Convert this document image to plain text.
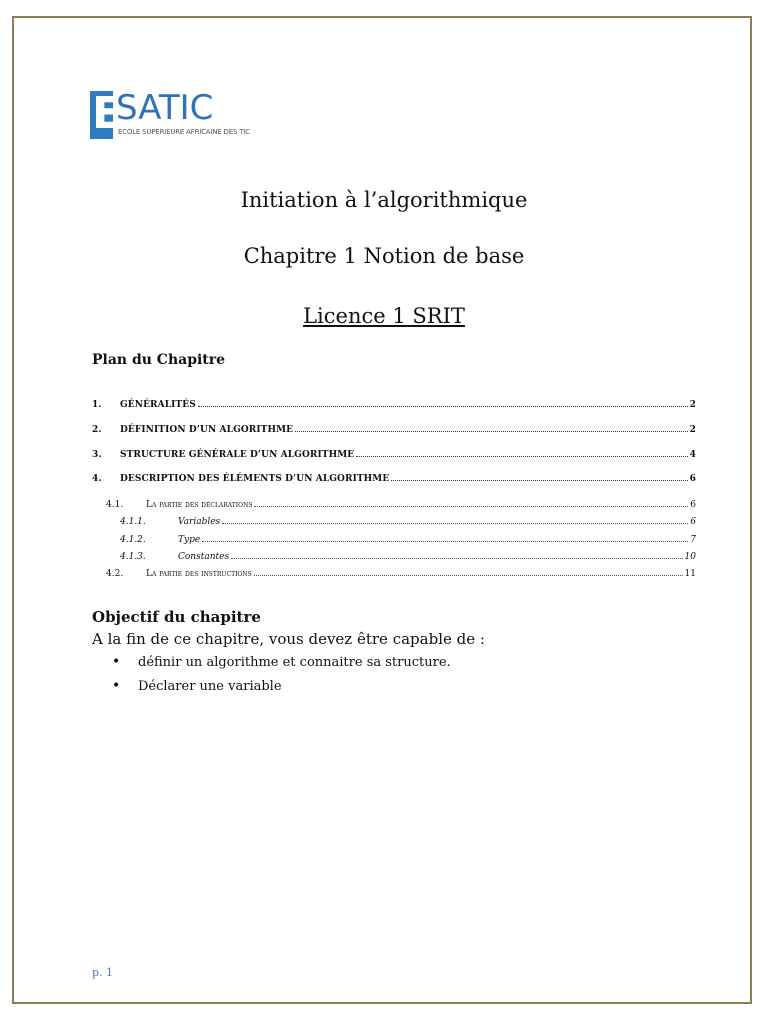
E
SATIC
ECOLE SUPERIEURE AFRICAINE DES TIC
Initiation à l’algorithmique
Chapitre 1 Notion de base
Licence 1 SRIT
Plan du Chapitre
1.	GÉNÉRALITÉS	2
2.	DÉFINITION D’UN ALGORITHME	2
3.	STRUCTURE GÉNÉRALE D’UN ALGORITHME	4
4.	DESCRIPTION DES ÉLÉMENTS D’UN ALGORITHME	6
4.1.	La partie des déclarations	6
4.1.1.	Variables	6
4.1.2.	Type	7
4.1.3.	Constantes	10
4.2.	La partie des instructions	11
Objectif du chapitre
A la fin de ce chapitre, vous devez être capable de :
• définir un algorithme et connaitre sa structure.
• Déclarer une variable
p. 1
